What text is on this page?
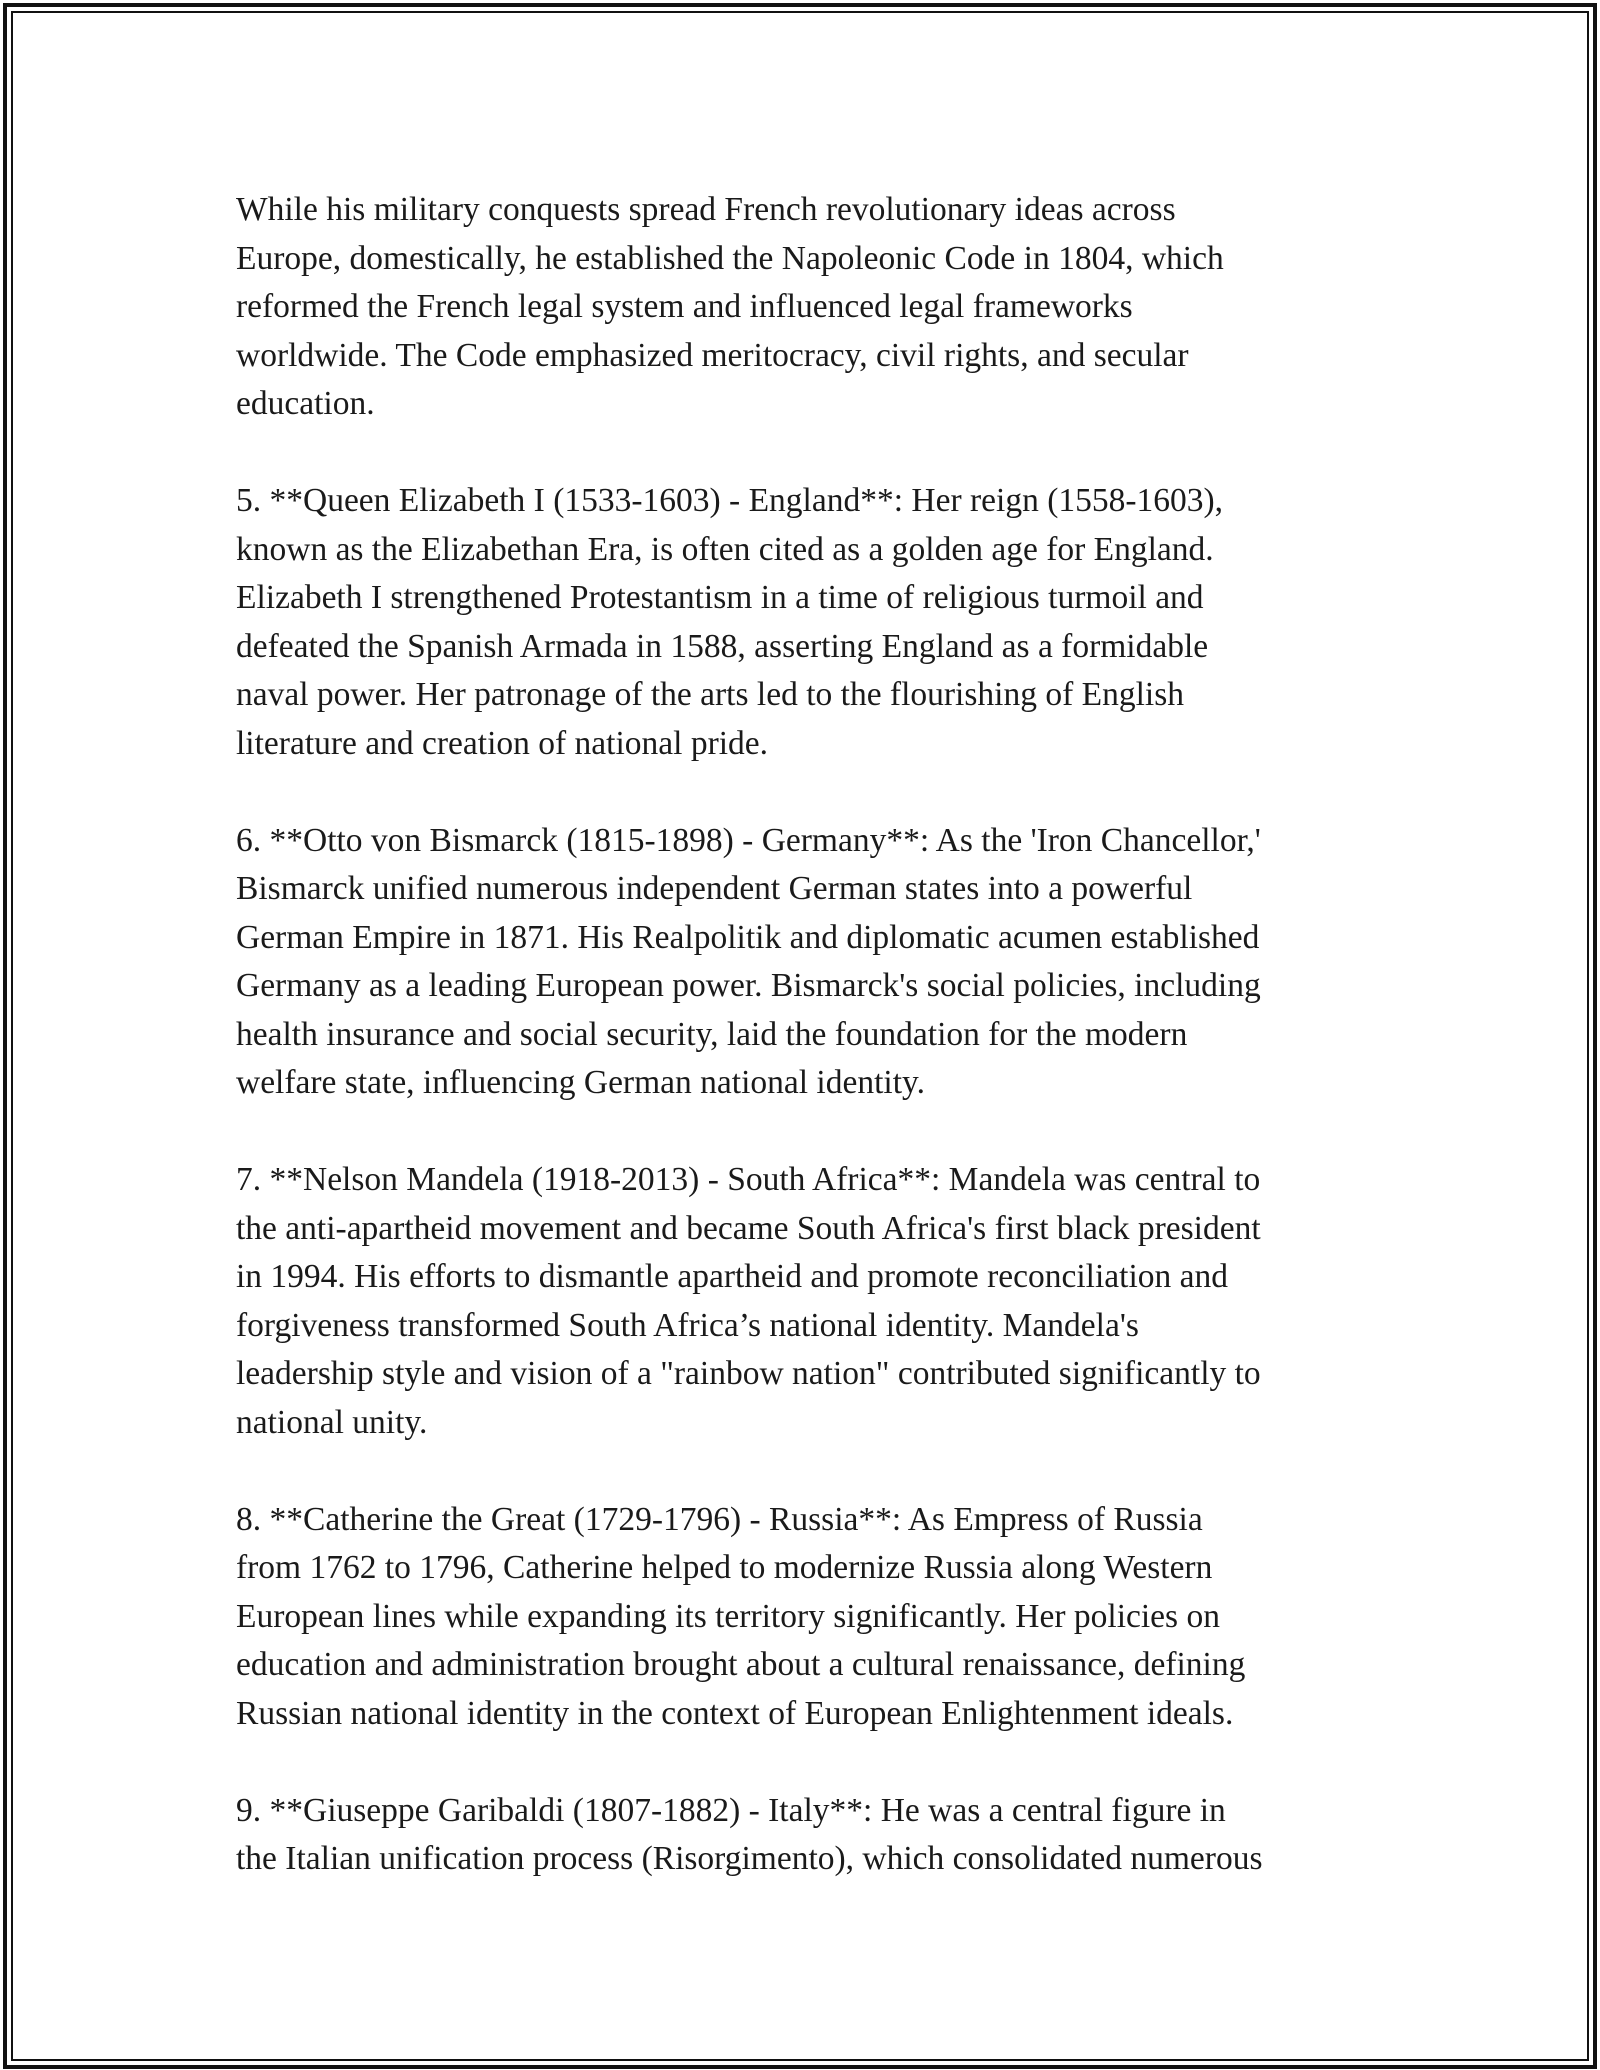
While his military conquests spread French revolutionary ideas across
Europe, domestically, he established the Napoleonic Code in 1804, which
reformed the French legal system and influenced legal frameworks
worldwide. The Code emphasized meritocracy, civil rights, and secular
education.

5. **Queen Elizabeth I (1533-1603) - England**: Her reign (1558-1603),
known as the Elizabethan Era, is often cited as a golden age for England.
Elizabeth I strengthened Protestantism in a time of religious turmoil and
defeated the Spanish Armada in 1588, asserting England as a formidable
naval power. Her patronage of the arts led to the flourishing of English
literature and creation of national pride.

6. **Otto von Bismarck (1815-1898) - Germany**: As the 'Iron Chancellor,'
Bismarck unified numerous independent German states into a powerful
German Empire in 1871. His Realpolitik and diplomatic acumen established
Germany as a leading European power. Bismarck's social policies, including
health insurance and social security, laid the foundation for the modern
welfare state, influencing German national identity.

7. **Nelson Mandela (1918-2013) - South Africa**: Mandela was central to
the anti-apartheid movement and became South Africa's first black president
in 1994. His efforts to dismantle apartheid and promote reconciliation and
forgiveness transformed South Africa’s national identity. Mandela's
leadership style and vision of a "rainbow nation" contributed significantly to
national unity.

8. **Catherine the Great (1729-1796) - Russia**: As Empress of Russia
from 1762 to 1796, Catherine helped to modernize Russia along Western
European lines while expanding its territory significantly. Her policies on
education and administration brought about a cultural renaissance, defining
Russian national identity in the context of European Enlightenment ideals.

9. **Giuseppe Garibaldi (1807-1882) - Italy**: He was a central figure in
the Italian unification process (Risorgimento), which consolidated numerous
